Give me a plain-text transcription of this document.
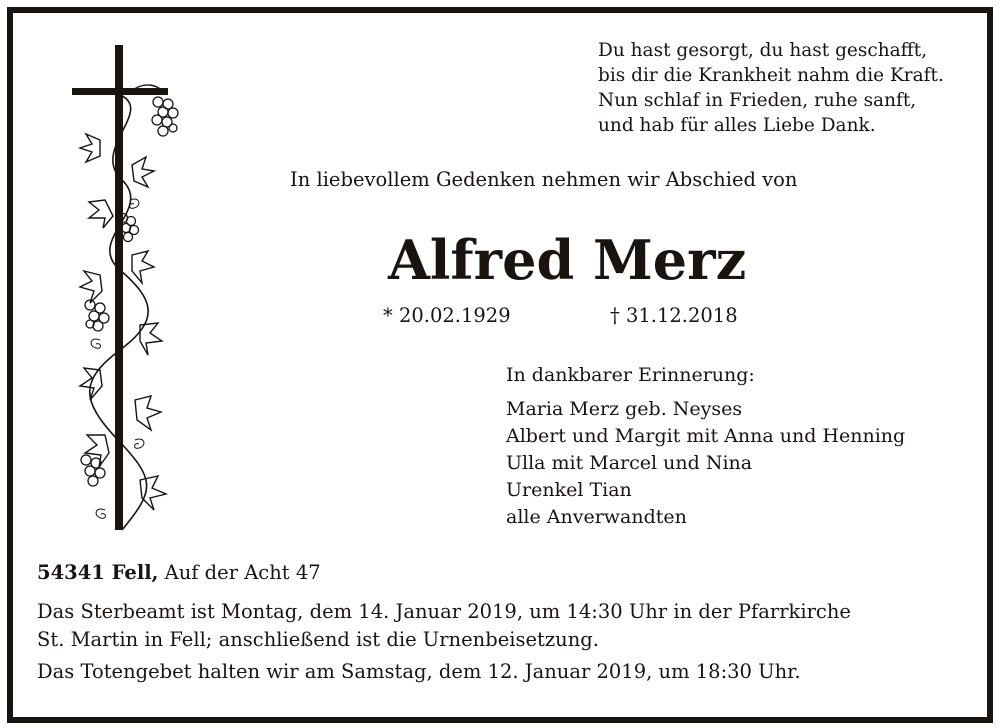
Du hast gesorgt, du hast geschafft,
bis dir die Krankheit nahm die Kraft.
Nun schlaf in Frieden, ruhe sanft,
und hab für alles Liebe Dank.
In liebevollem Gedenken nehmen wir Abschied von
Alfred Merz
* 20.02.1929	† 31.12.2018
In dankbarer Erinnerung:
Maria Merz geb. Neyses
Albert und Margit mit Anna und Henning
Ulla mit Marcel und Nina
Urenkel Tian
alle Anverwandten
54341 Fell, Auf der Acht 47
Das Sterbeamt ist Montag, dem 14. Januar 2019, um 14:30 Uhr in der Pfarrkirche
St. Martin in Fell; anschließend ist die Urnenbeisetzung.
Das Totengebet halten wir am Samstag, dem 12. Januar 2019, um 18:30 Uhr.
